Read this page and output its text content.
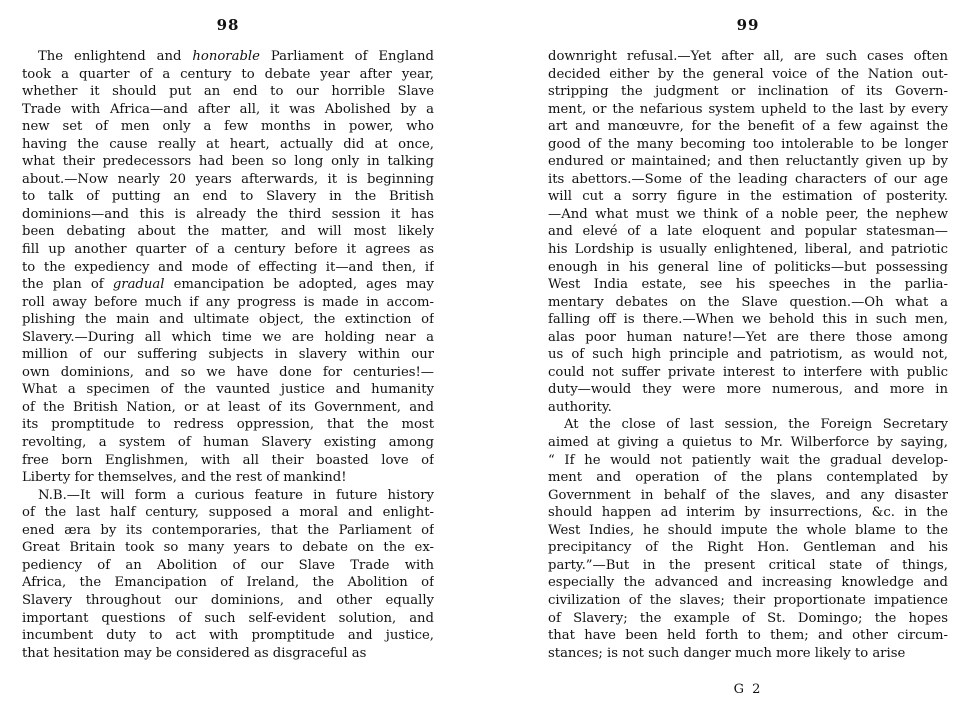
98
The enlightend and honorable Parliament of England
took a quarter of a century to debate year after year,
whether it should put an end to our horrible Slave
Trade with Africa—and after all, it was Abolished by a
new set of men only a few months in power, who
having the cause really at heart, actually did at once,
what their predecessors had been so long only in talking
about.—Now nearly 20 years afterwards, it is beginning
to talk of putting an end to Slavery in the British
dominions—and this is already the third session it has
been debating about the matter, and will most likely
fill up another quarter of a century before it agrees as
to the expediency and mode of effecting it—and then, if
the plan of gradual emancipation be adopted, ages may
roll away before much if any progress is made in accom-
plishing the main and ultimate object, the extinction of
Slavery.—During all which time we are holding near a
million of our suffering subjects in slavery within our
own dominions, and so we have done for centuries!—
What a specimen of the vaunted justice and humanity
of the British Nation, or at least of its Government, and
its promptitude to redress oppression, that the most
revolting, a system of human Slavery existing among
free born Englishmen, with all their boasted love of
Liberty for themselves, and the rest of mankind!
N.B.—It will form a curious feature in future history
of the last half century, supposed a moral and enlight-
ened æra by its contemporaries, that the Parliament of
Great Britain took so many years to debate on the ex-
pediency of an Abolition of our Slave Trade with
Africa, the Emancipation of Ireland, the Abolition of
Slavery throughout our dominions, and other equally
important questions of such self-evident solution, and
incumbent duty to act with promptitude and justice,
that hesitation may be considered as disgraceful as
99
downright refusal.—Yet after all, are such cases often
decided either by the general voice of the Nation out-
stripping the judgment or inclination of its Govern-
ment, or the nefarious system upheld to the last by every
art and manœuvre, for the benefit of a few against the
good of the many becoming too intolerable to be longer
endured or maintained; and then reluctantly given up by
its abettors.—Some of the leading characters of our age
will cut a sorry figure in the estimation of posterity.
—And what must we think of a noble peer, the nephew
and elevé of a late eloquent and popular statesman—
his Lordship is usually enlightened, liberal, and patriotic
enough in his general line of politicks—but possessing
West India estate, see his speeches in the parlia-
mentary debates on the Slave question.—Oh what a
falling off is there.—When we behold this in such men,
alas poor human nature!—Yet are there those among
us of such high principle and patriotism, as would not,
could not suffer private interest to interfere with public
duty—would they were more numerous, and more in
authority.
At the close of last session, the Foreign Secretary
aimed at giving a quietus to Mr. Wilberforce by saying,
“ If he would not patiently wait the gradual develop-
ment and operation of the plans contemplated by
Government in behalf of the slaves, and any disaster
should happen ad interim by insurrections, &c. in the
West Indies, he should impute the whole blame to the
precipitancy of the Right Hon. Gentleman and his
party.”—But in the present critical state of things,
especially the advanced and increasing knowledge and
civilization of the slaves; their proportionate impatience
of Slavery; the example of St. Domingo; the hopes
that have been held forth to them; and other circum-
stances; is not such danger much more likely to arise
G 2
